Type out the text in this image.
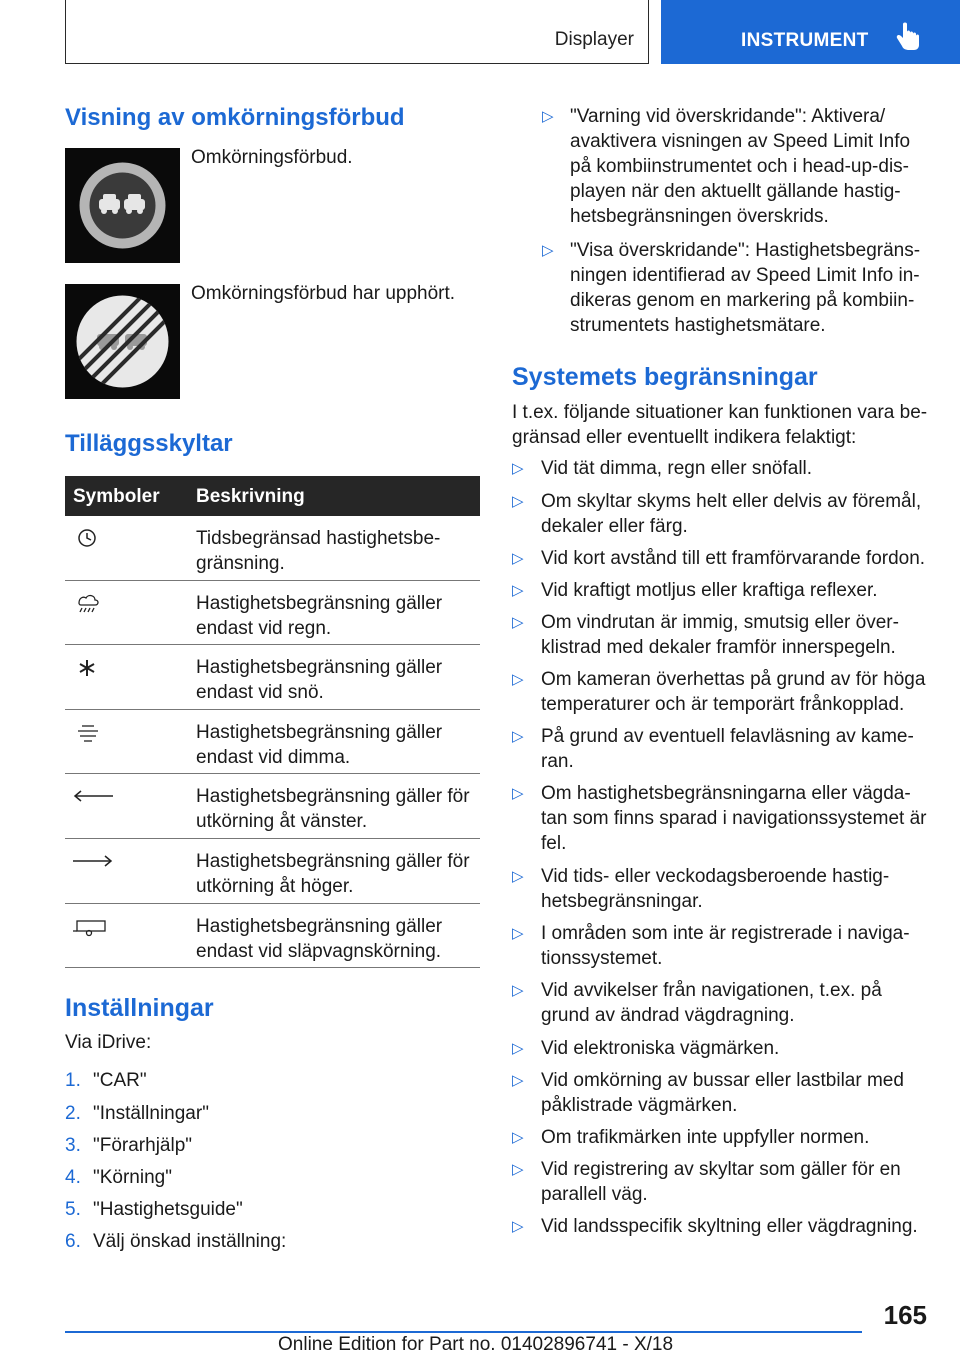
Displayer	INSTRUMENT
Visning av omkörningsförbud
Omkörningsförbud.
Omkörningsförbud har upphört.
Tilläggsskyltar
Symboler Beskrivning
Tidsbegränsad hastighetsbe-
gränsning.
Hastighetsbegränsning gäller
endast vid regn.
Hastighetsbegränsning gäller
endast vid snö.
Hastighetsbegränsning gäller
endast vid dimma.
Hastighetsbegränsning gäller för
utkörning åt vänster.
Hastighetsbegränsning gäller för
utkörning åt höger.
Hastighetsbegränsning gäller
endast vid släpvagnskörning.
Inställningar
Via iDrive:
1. "CAR"
2. "Inställningar"
3. "Förarhjälp"
4. "Körning"
5. "Hastighetsguide"
6. Välj önskad inställning:
▷ "Varning vid överskridande": Aktivera/
avaktivera visningen av Speed Limit Info
på kombiinstrumentet och i head-up-dis-
playen när den aktuellt gällande hastig-
hetsbegränsningen överskrids.
▷ "Visa överskridande": Hastighetsbegräns-
ningen identifierad av Speed Limit Info in-
dikeras genom en markering på kombiin-
strumentets hastighetsmätare.
Systemets begränsningar
I t.ex. följande situationer kan funktionen vara be-
gränsad eller eventuellt indikera felaktigt:
▷ Vid tät dimma, regn eller snöfall.
▷ Om skyltar skyms helt eller delvis av föremål,
dekaler eller färg.
▷ Vid kort avstånd till ett framförvarande fordon.
▷ Vid kraftigt motljus eller kraftiga reflexer.
▷ Om vindrutan är immig, smutsig eller över-
klistrad med dekaler framför innerspegeln.
▷ Om kameran överhettas på grund av för höga
temperaturer och är temporärt frånkopplad.
▷ På grund av eventuell felavläsning av kame-
ran.
▷ Om hastighetsbegränsningarna eller vägda-
tan som finns sparad i navigationssystemet är
fel.
▷ Vid tids- eller veckodagsberoende hastig-
hetsbegränsningar.
▷ I områden som inte är registrerade i naviga-
tionssystemet.
▷ Vid avvikelser från navigationen, t.ex. på
grund av ändrad vägdragning.
▷ Vid elektroniska vägmärken.
▷ Vid omkörning av bussar eller lastbilar med
påklistrade vägmärken.
▷ Om trafikmärken inte uppfyller normen.
▷ Vid registrering av skyltar som gäller för en
parallell väg.
▷ Vid landsspecifik skyltning eller vägdragning.
165
Online Edition for Part no. 01402896741 - X/18
